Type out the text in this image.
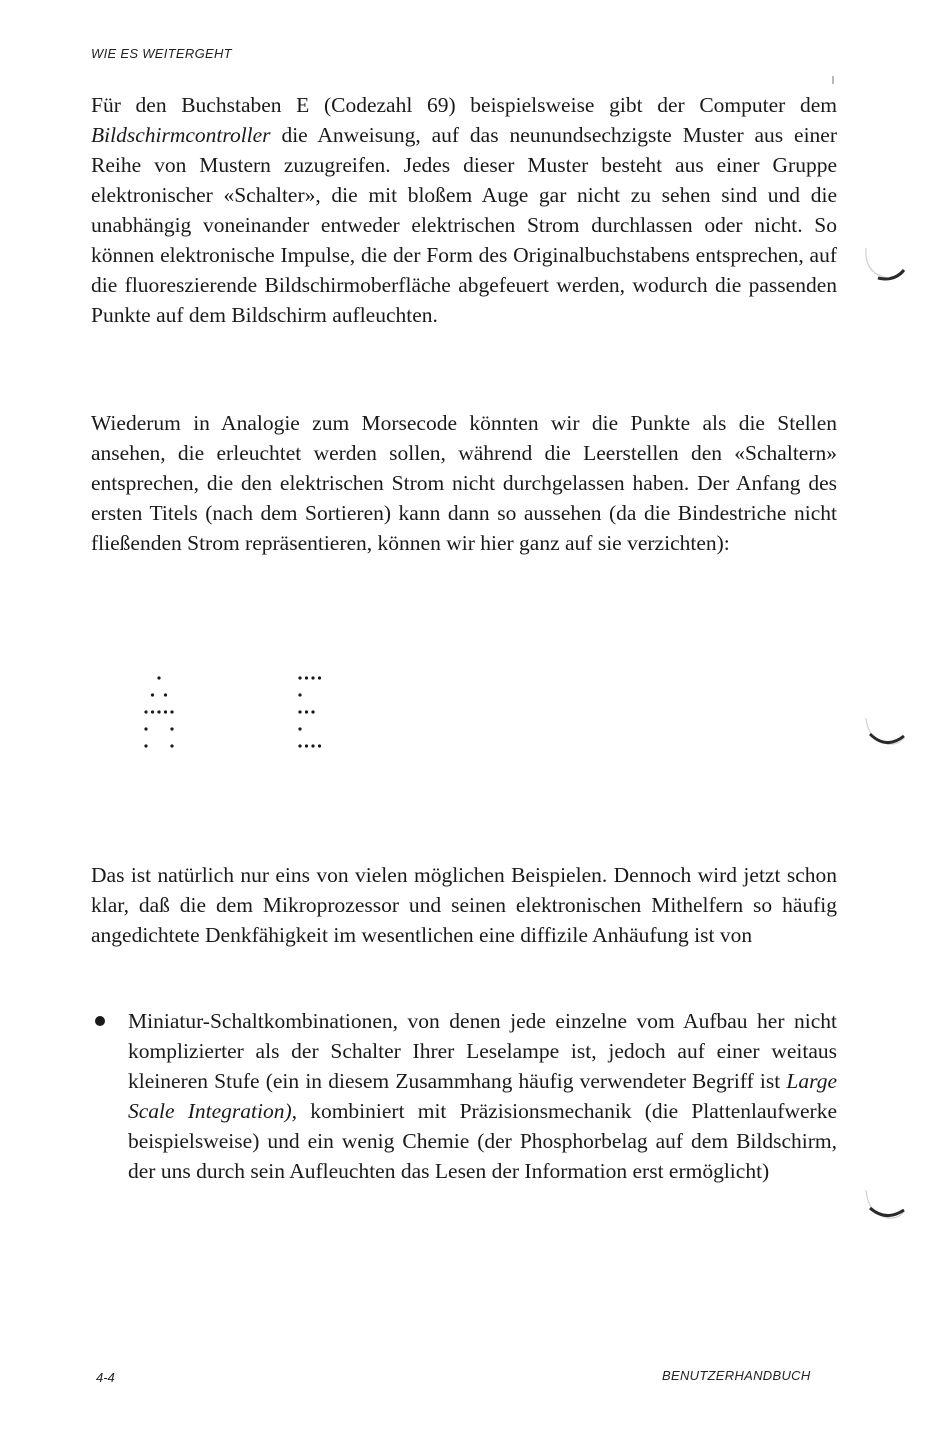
WIE ES WEITERGEHT
Für den Buchstaben E (Codezahl 69) beispielsweise gibt der Computer dem Bildschirmcontroller die Anweisung, auf das neunundsechzigste Muster aus einer Reihe von Mustern zuzugreifen. Jedes dieser Muster besteht aus einer Gruppe elektronischer «Schalter», die mit bloßem Auge gar nicht zu sehen sind und die unabhängig voneinander entweder elektrischen Strom durchlassen oder nicht. So können elektronische Impulse, die der Form des Originalbuchstabens entsprechen, auf die fluoreszierende Bildschirmoberfläche abgefeuert werden, wodurch die passenden Punkte auf dem Bildschirm aufleuchten.
Wiederum in Analogie zum Morsecode könnten wir die Punkte als die Stellen ansehen, die erleuchtet werden sollen, während die Leerstellen den «Schaltern» entsprechen, die den elektrischen Strom nicht durchgelassen haben. Der Anfang des ersten Titels (nach dem Sortieren) kann dann so aussehen (da die Bindestriche nicht fließenden Strom repräsentieren, können wir hier ganz auf sie verzichten):
Das ist natürlich nur eins von vielen möglichen Beispielen. Dennoch wird jetzt schon klar, daß die dem Mikroprozessor und seinen elektronischen Mithelfern so häufig angedichtete Denkfähigkeit im wesentlichen eine diffizile Anhäufung ist von
Miniatur-Schaltkombinationen, von denen jede einzelne vom Aufbau her nicht komplizierter als der Schalter Ihrer Leselampe ist, jedoch auf einer weitaus kleineren Stufe (ein in diesem Zusammhang häufig verwendeter Begriff ist Large Scale Integration), kombiniert mit Präzisionsmechanik (die Plattenlaufwerke beispielsweise) und ein wenig Chemie (der Phosphorbelag auf dem Bildschirm, der uns durch sein Aufleuchten das Lesen der Information erst ermöglicht)
4-4	BENUTZERHANDBUCH
